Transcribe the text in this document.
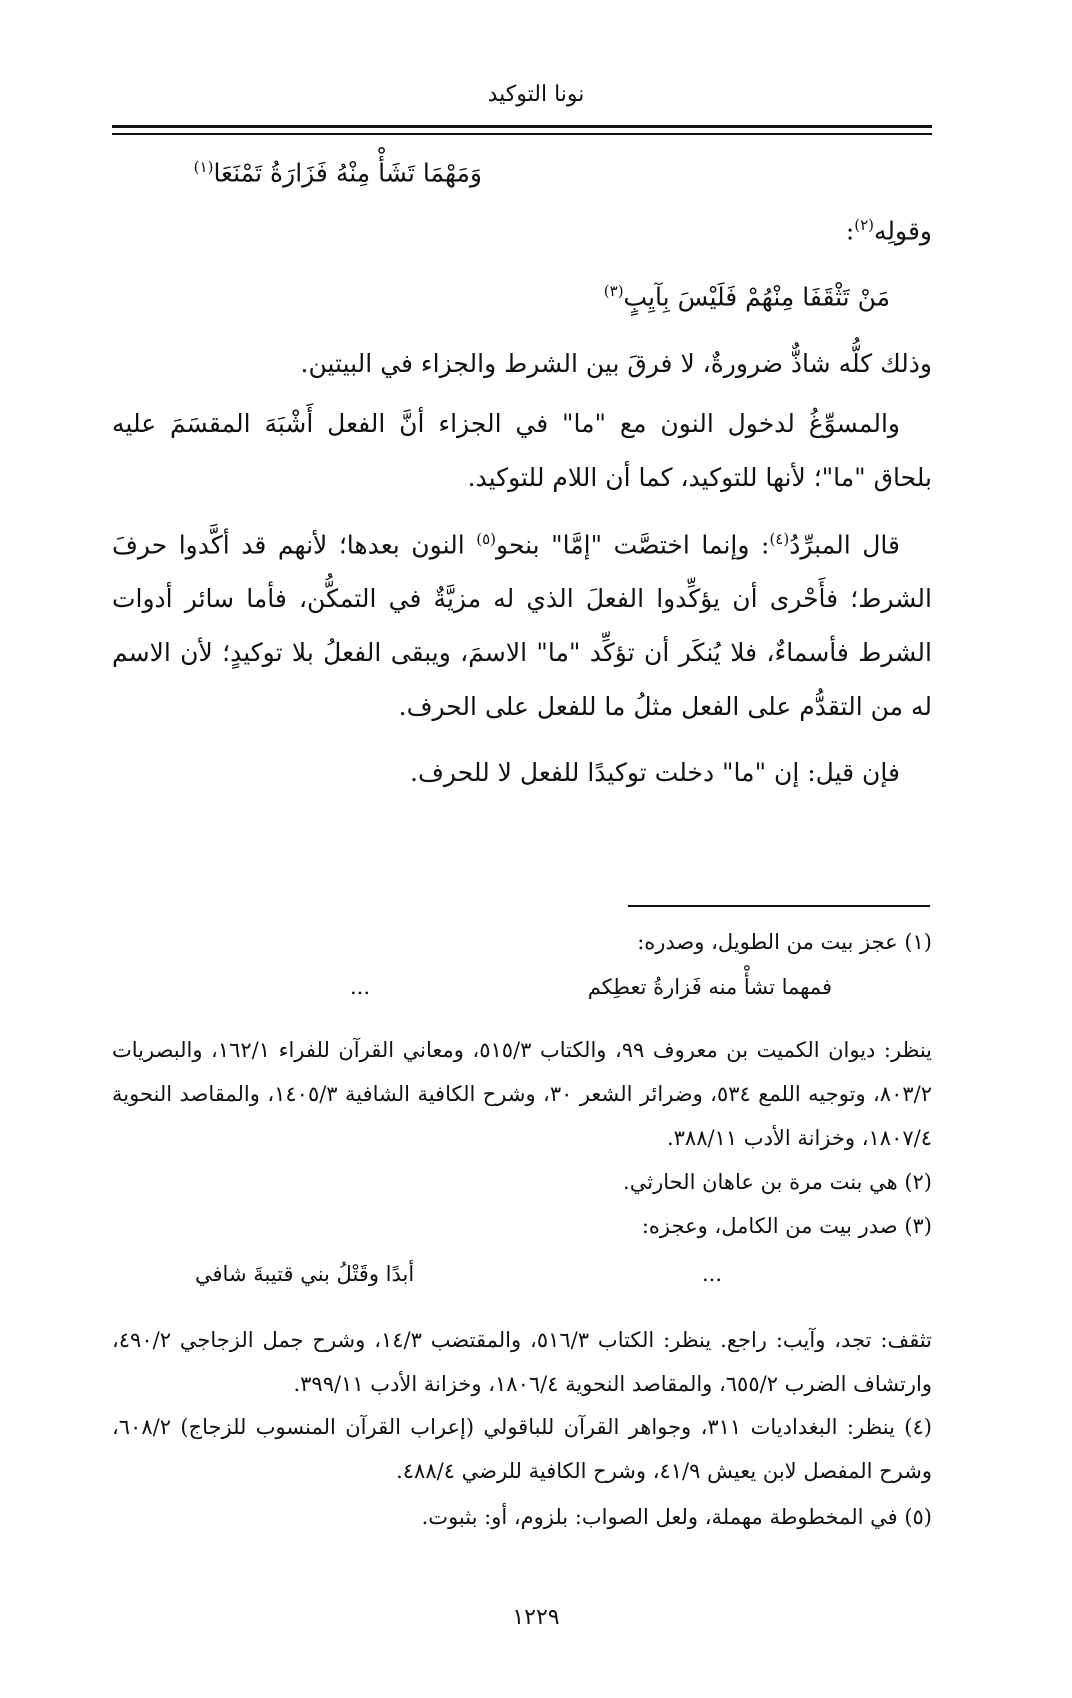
نونا التوكيد
وَمَهْمَا تَشَأْ مِنْهُ فَزَارَةُ تَمْنَعَا$^{(١)}$
وقولِه$^{(٢)}$:
مَنْ تَثْقَفَا مِنْهُمْ فَلَيْسَ بِآيِبٍ$^{(٣)}$
وذلك كلُّه شاذٌّ ضرورةٌ، لا فرقَ بين الشرط والجزاء في البيتين.
والمسوِّغُ لدخول النون مع "ما" في الجزاء أنَّ الفعل أَشْبَهَ المقسَمَ عليه بلحاق "ما"؛ لأنها للتوكيد، كما أن اللام للتوكيد.
قال المبرِّدُ$^{(٤)}$: وإنما اختصَّت "إمَّا" بنحو$^{(٥)}$ النون بعدها؛ لأنهم قد أكَّدوا حرفَ الشرط؛ فأَحْرى أن يؤكِّدوا الفعلَ الذي له مزيَّةٌ في التمكُّن، فأما سائر أدوات الشرط فأسماءٌ، فلا يُنكَر أن تؤكِّد "ما" الاسمَ، ويبقى الفعلُ بلا توكيدٍ؛ لأن الاسم له من التقدُّم على الفعل مثلُ ما للفعل على الحرف.
فإن قيل: إن "ما" دخلت توكيدًا للفعل لا للحرف.
(١) عجز بيت من الطويل، وصدره:
فمهما تشأْ منه فَزارةُ تعطِكم
...
ينظر: ديوان الكميت بن معروف ٩٩، والكتاب ٥١٥/٣، ومعاني القرآن للفراء ١٦٢/١، والبصريات ٨٠٣/٢، وتوجيه اللمع ٥٣٤، وضرائر الشعر ٣٠، وشرح الكافية الشافية ١٤٠٥/٣، والمقاصد النحوية ١٨٠٧/٤، وخزانة الأدب ٣٨٨/١١.
(٢) هي بنت مرة بن عاهان الحارثي.
(٣) صدر بيت من الكامل، وعجزه:
...
أبدًا وقَتْلُ بني قتيبةَ شافي
تثقف: تجد، وآيب: راجع. ينظر: الكتاب ٥١٦/٣، والمقتضب ١٤/٣، وشرح جمل الزجاجي ٤٩٠/٢، وارتشاف الضرب ٦٥٥/٢، والمقاصد النحوية ١٨٠٦/٤، وخزانة الأدب ٣٩٩/١١.
(٤) ينظر: البغداديات ٣١١، وجواهر القرآن للباقولي (إعراب القرآن المنسوب للزجاج) ٦٠٨/٢، وشرح المفصل لابن يعيش ٤١/٩، وشرح الكافية للرضي ٤٨٨/٤.
(٥) في المخطوطة مهملة، ولعل الصواب: بلزوم، أو: بثبوت.
١٢٢٩
